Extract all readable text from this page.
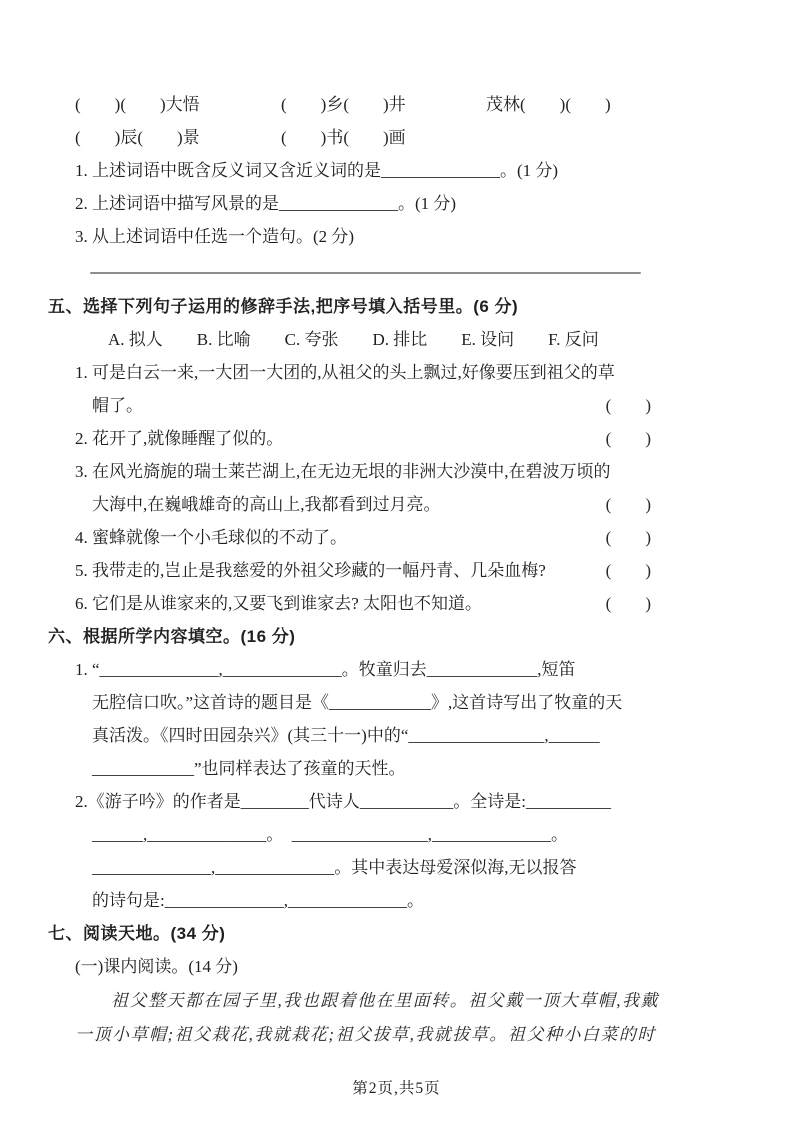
(　　)(　　)大悟	(　　)乡(　　)井	茂林(　　)(　　)
(　　)辰(　　)景	(　　)书(　　)画
1. 上述词语中既含反义词又含近义词的是______________。(1 分)
2. 上述词语中描写风景的是______________。(1 分)
3. 从上述词语中任选一个造句。(2 分)
五、选择下列句子运用的修辞手法,把序号填入括号里。(6 分)
A. 拟人　　B. 比喻　　C. 夸张　　D. 排比　　E. 设问　　F. 反问
1. 可是白云一来,一大团一大团的,从祖父的头上飘过,好像要压到祖父的草
帽了。	(　　)
2. 花开了,就像睡醒了似的。	(　　)
3. 在风光旖旎的瑞士莱芒湖上,在无边无垠的非洲大沙漠中,在碧波万顷的
大海中,在巍峨雄奇的高山上,我都看到过月亮。	(　　)
4. 蜜蜂就像一个小毛球似的不动了。	(　　)
5. 我带走的,岂止是我慈爱的外祖父珍藏的一幅丹青、几朵血梅?	(　　)
6. 它们是从谁家来的,又要飞到谁家去? 太阳也不知道。	(　　)
六、根据所学内容填空。(16 分)
1. “______________,______________。牧童归去_____________,短笛
无腔信口吹。”这首诗的题目是《____________》,这首诗写出了牧童的天
真活泼。《四时田园杂兴》(其三十一)中的“________________,______
____________”也同样表达了孩童的天性。
2.《游子吟》的作者是________代诗人___________。全诗是:__________
______,______________。　________________,______________。
______________,______________。其中表达母爱深似海,无以报答
的诗句是:______________,______________。
七、阅读天地。(34 分)
(一)课内阅读。(14 分)
祖父整天都在园子里,我也跟着他在里面转。祖父戴一顶大草帽,我戴
一顶小草帽;祖父栽花,我就栽花;祖父拔草,我就拔草。祖父种小白菜的时
第2页,共5页
